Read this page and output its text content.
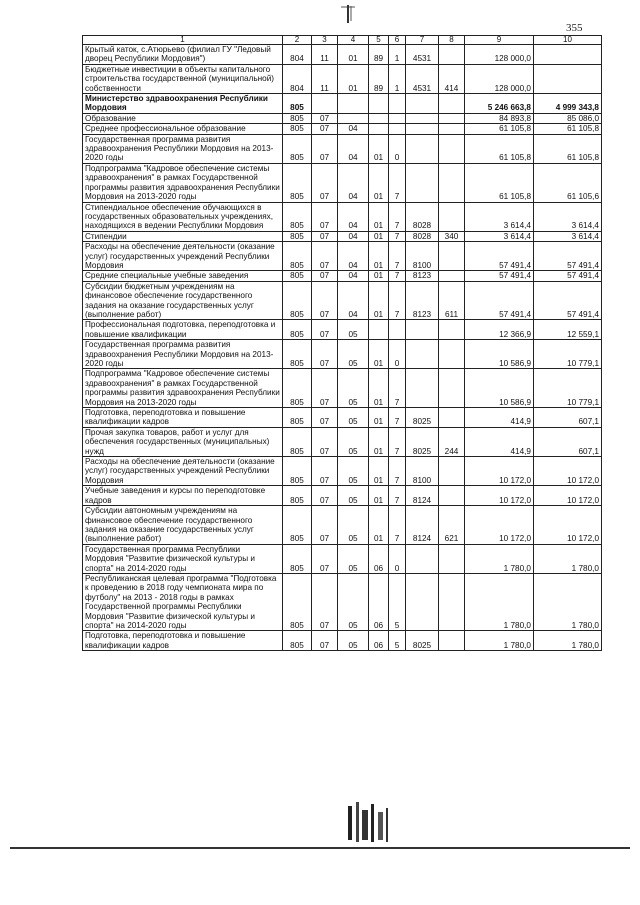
355
1	2	3	4	5	6	7	8	9	10
Крытый каток, с.Атюрьево (филиал ГУ "Ледовый дворец Республики Мордовия")	804	11	01	89	1	4531		128 000,0	
Бюджетные инвестиции в объекты капитального строительства государственной (муниципальной) собственности	804	11	01	89	1	4531	414	128 000,0	
Министерство здравоохранения Республики Мордовия	805							5 246 663,8	4 999 343,8
Образование	805	07						84 893,8	85 086,0
Среднее профессиональное образование	805	07	04					61 105,8	61 105,8
Государственная программа развития здравоохранения Республики Мордовия на 2013-2020 годы	805	07	04	01	0			61 105,8	61 105,8
Подпрограмма "Кадровое обеспечение системы здравоохранения" в рамках Государственной программы развития здравоохранения Республики Мордовия на 2013-2020 годы	805	07	04	01	7			61 105,8	61 105,6
Стипендиальное обеспечение обучающихся в государственных образовательных учреждениях, находящихся в ведении Республики Мордовия	805	07	04	01	7	8028		3 614,4	3 614,4
Стипендии	805	07	04	01	7	8028	340	3 614,4	3 614,4
Расходы на обеспечение деятельности (оказание услуг) государственных учреждений Республики Мордовия	805	07	04	01	7	8100		57 491,4	57 491,4
Средние специальные учебные заведения	805	07	04	01	7	8123		57 491,4	57 491,4
Субсидии бюджетным учреждениям на финансовое обеспечение государственного задания на оказание государственных услуг (выполнение работ)	805	07	04	01	7	8123	611	57 491,4	57 491,4
Профессиональная подготовка, переподготовка и повышение квалификации	805	07	05					12 366,9	12 559,1
Государственная программа развития здравоохранения Республики Мордовия на 2013-2020 годы	805	07	05	01	0			10 586,9	10 779,1
Подпрограмма "Кадровое обеспечение системы здравоохранения" в рамках Государственной программы развития здравоохранения Республики Мордовия на 2013-2020 годы	805	07	05	01	7			10 586,9	10 779,1
Подготовка, переподготовка и повышение квалификации кадров	805	07	05	01	7	8025		414,9	607,1
Прочая закупка товаров, работ и услуг для обеспечения государственных (муниципальных) нужд	805	07	05	01	7	8025	244	414,9	607,1
Расходы на обеспечение деятельности (оказание услуг) государственных учреждений Республики Мордовия	805	07	05	01	7	8100		10 172,0	10 172,0
Учебные заведения и курсы по переподготовке кадров	805	07	05	01	7	8124		10 172,0	10 172,0
Субсидии автономным учреждениям на финансовое обеспечение государственного задания на оказание государственных услуг (выполнение работ)	805	07	05	01	7	8124	621	10 172,0	10 172,0
Государственная программа Республики Мордовия "Развитие физической культуры и спорта" на 2014-2020 годы	805	07	05	06	0			1 780,0	1 780,0
Республиканская целевая программа "Подготовка к проведению в 2018 году чемпионата мира по футболу" на 2013 - 2018 годы в рамках Государственной программы Республики Мордовия "Развитие физической культуры и спорта" на 2014-2020 годы	805	07	05	06	5			1 780,0	1 780,0
Подготовка, переподготовка и повышение квалификации кадров	805	07	05	06	5	8025		1 780,0	1 780,0
